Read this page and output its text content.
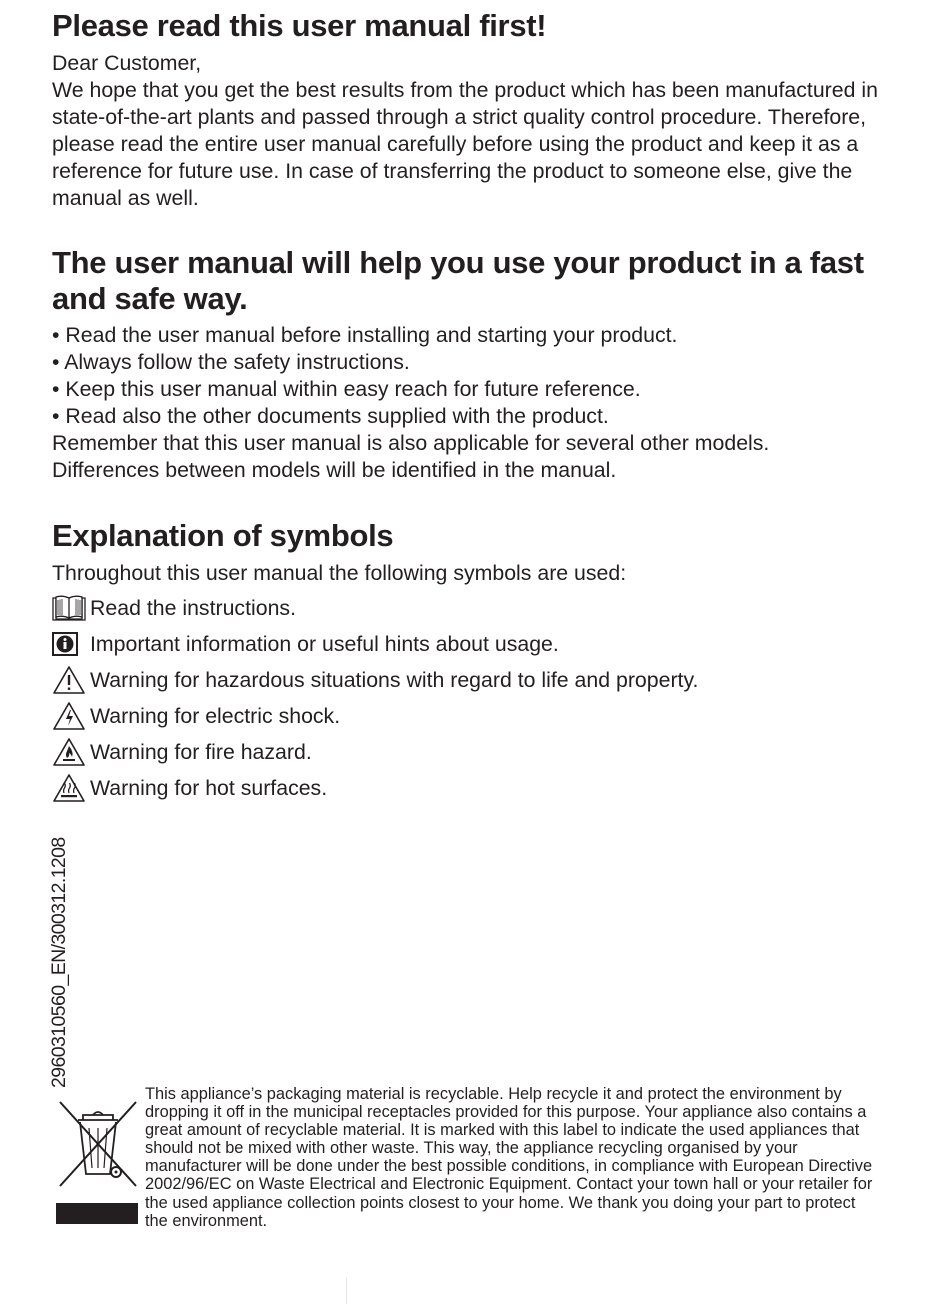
Please read this user manual first!

Dear Customer,

We hope that you get the best results from the product which has been manufactured in state-of-the-art plants and passed through a strict quality control procedure. Therefore, please read the entire user manual carefully before using the product and keep it as a reference for future use. In case of transferring the product to someone else, give the manual as well.

The user manual will help you use your product in a fast and safe way.
• Read the user manual before installing and starting your product.
• Always follow the safety instructions.
• Keep this user manual within easy reach for future reference.
• Read also the other documents supplied with the product.

Remember that this user manual is also applicable for several other models.

Differences between models will be identified in the manual.

Explanation of symbols

Throughout this user manual the following symbols are used:

Read the instructions.
Important information or useful hints about usage.
Warning for hazardous situations with regard to life and property.
Warning for electric shock.
Warning for fire hazard.
Warning for hot surfaces.
2960310560_EN/300312.1208

This appliance’s packaging material is recyclable. Help recycle it and protect the environment by dropping it off in the municipal receptacles provided for this purpose. Your appliance also contains a great amount of recyclable material. It is marked with this label to indicate the used appliances that should not be mixed with other waste. This way, the appliance recycling organised by your manufacturer will be done under the best possible conditions, in compliance with European Directive 2002/96/EC on Waste Electrical and Electronic Equipment. Contact your town hall or your retailer for the used appliance collection points closest to your home. We thank you doing your part to protect the environment.
